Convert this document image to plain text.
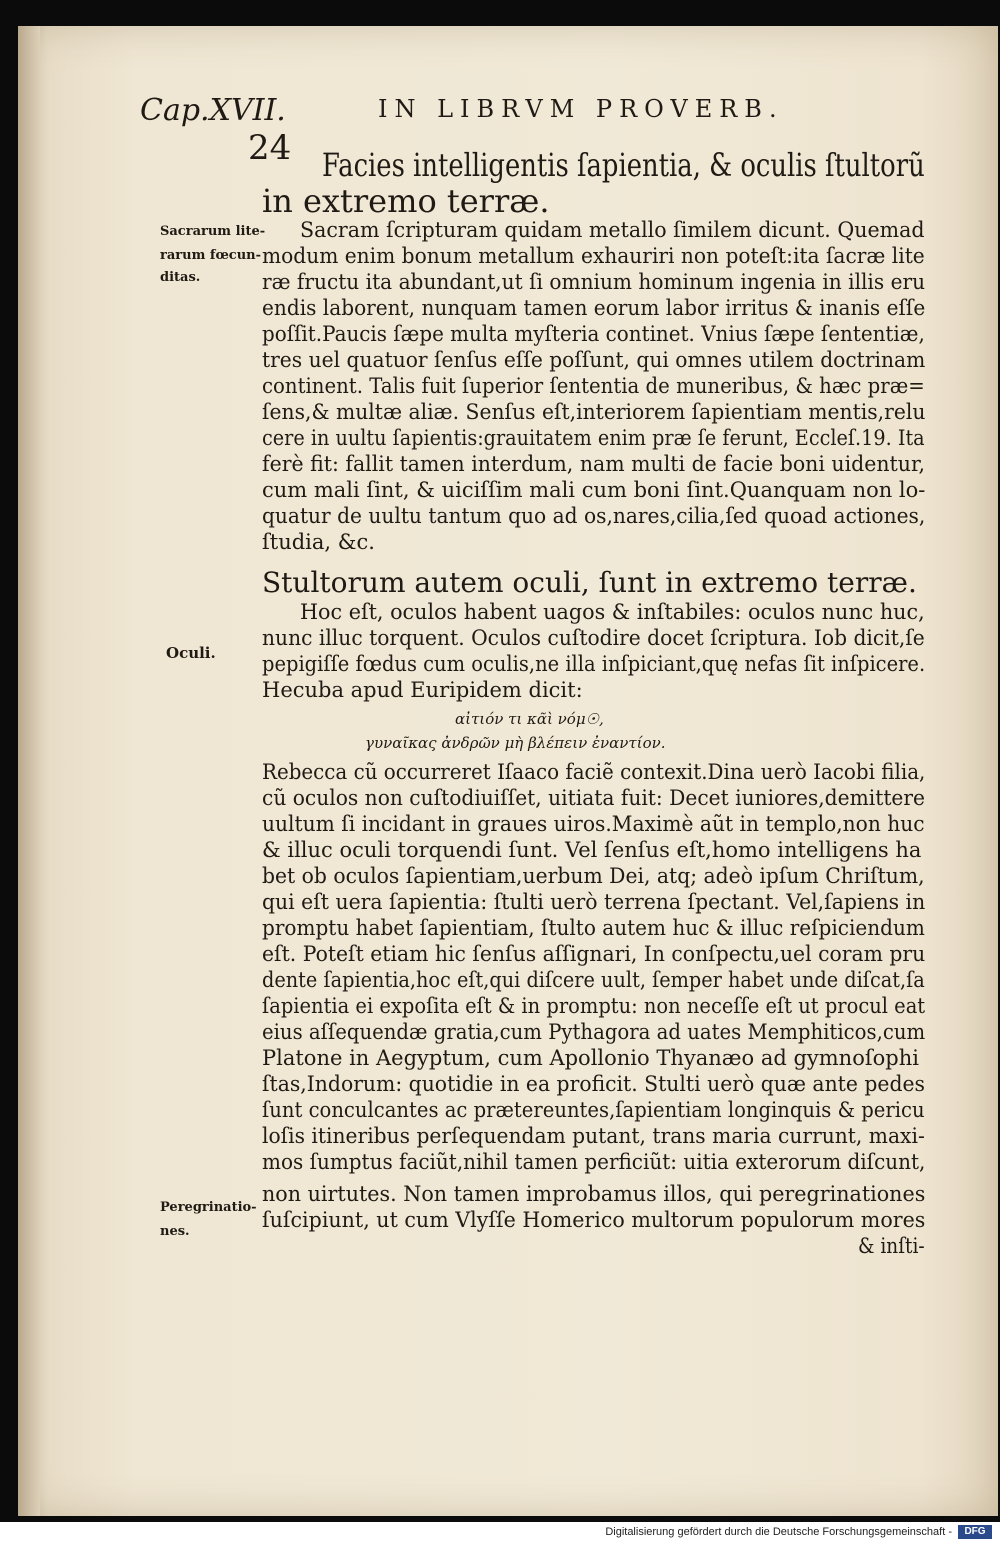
Cap.XVII.	IN LIBRVM PROVERB.
24 Facies intelligentis ſapientia, & oculis ſtultorũ
in extremo terræ.
Sacrarum lite-
rarum fœcun-
ditas.
Oculi.
Peregrinatio-
nes.
Sacram ſcripturam quidam metallo ſimilem dicunt. Quemad
modum enim bonum metallum exhauriri non poteſt:ita ſacræ lite
ræ fructu ita abundant,ut ſi omnium hominum ingenia in illis eru
endis laborent, nunquam tamen eorum labor irritus & inanis eſſe
poſſit.Paucis ſæpe multa myſteria continet. Vnius ſæpe ſententiæ,
tres uel quatuor ſenſus eſſe poſſunt, qui omnes utilem doctrinam
continent. Talis fuit ſuperior ſententia de muneribus, & hæc præ=
ſens,& multæ aliæ. Senſus eſt,interiorem ſapientiam mentis,relu
cere in uultu ſapientis:grauitatem enim præ ſe ferunt, Eccleſ.19. Ita
ferè fit: fallit tamen interdum, nam multi de facie boni uidentur,
cum mali ſint, & uiciſſim mali cum boni ſint.Quanquam non lo-
quatur de uultu tantum quo ad os,nares,cilia,ſed quoad actiones,
ſtudia, &c.
Stultorum autem oculi, ſunt in extremo terræ.
Hoc eſt, oculos habent uagos & inſtabiles: oculos nunc huc,
nunc illuc torquent. Oculos cuſtodire docet ſcriptura. Iob dicit,ſe
pepigiſſe fœdus cum oculis,ne illa inſpiciant,quę nefas ſit inſpicere.
Hecuba apud Euripidem dicit:
αἰτιόν τι κᾶὶ νόμ☉,
γυναῖκας ἀνδρῶν μὴ βλέπειν ἐναντίον.
Rebecca cũ occurreret Iſaaco faciẽ contexit.Dina uerò Iacobi filia,
cũ oculos non cuſtodiuiſſet, uitiata fuit: Decet iuniores,demittere
uultum ſi incidant in graues uiros.Maximè aũt in templo,non huc
& illuc oculi torquendi ſunt. Vel ſenſus eſt,homo intelligens ha
bet ob oculos ſapientiam,uerbum Dei, atq; adeò ipſum Chriſtum,
qui eſt uera ſapientia: ſtulti uerò terrena ſpectant. Vel,ſapiens in
promptu habet ſapientiam, ſtulto autem huc & illuc reſpiciendum
eſt. Poteſt etiam hic ſenſus aſſignari, In conſpectu,uel coram pru
dente ſapientia,hoc eſt,qui diſcere uult, ſemper habet unde diſcat,ſa
ſapientia ei expoſita eſt & in promptu: non neceſſe eſt ut procul eat
eius aſſequendæ gratia,cum Pythagora ad uates Memphiticos,cum
Platone in Aegyptum, cum Apollonio Thyanæo ad gymnoſophi
ſtas,Indorum: quotidie in ea proficit. Stulti uerò quæ ante pedes
ſunt conculcantes ac prætereuntes,ſapientiam longinquis & pericu
loſis itineribus perſequendam putant, trans maria currunt, maxi-
mos ſumptus faciũt,nihil tamen perficiũt: uitia exterorum diſcunt,
non uirtutes. Non tamen improbamus illos, qui peregrinationes
ſuſcipiunt, ut cum Vlyſſe Homerico multorum populorum mores
& inſti-
Digitalisierung gefördert durch die Deutsche Forschungsgemeinschaft -	DFG
